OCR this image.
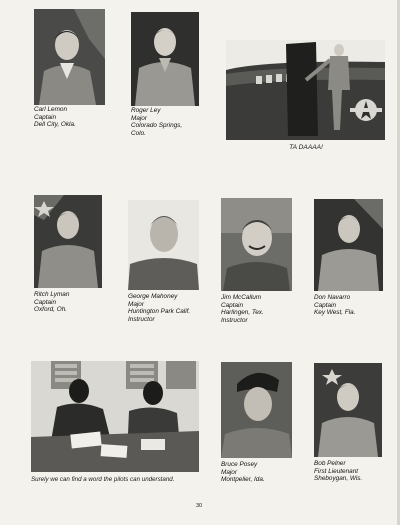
Carl Lemon
Captain
Dell City, Okla.
Roger Ley
Major
Colorado Springs,
Colo.
TA DAAAA!
Ritch Lyman
Captain
Oxford, Oh.
George Mahoney
Major
Huntington Park Calif.
Instructor
Jim McCallum
Captain
Harlingen, Tex.
Instructor
Don Navarro
Captain
Key West, Fla.
Surely we can find a word the pilots can understand.
Bruce Posey
Major
Montpelier, Ida.
Bob Pelner
First Lieutenant
Sheboygan, Wis.
30
